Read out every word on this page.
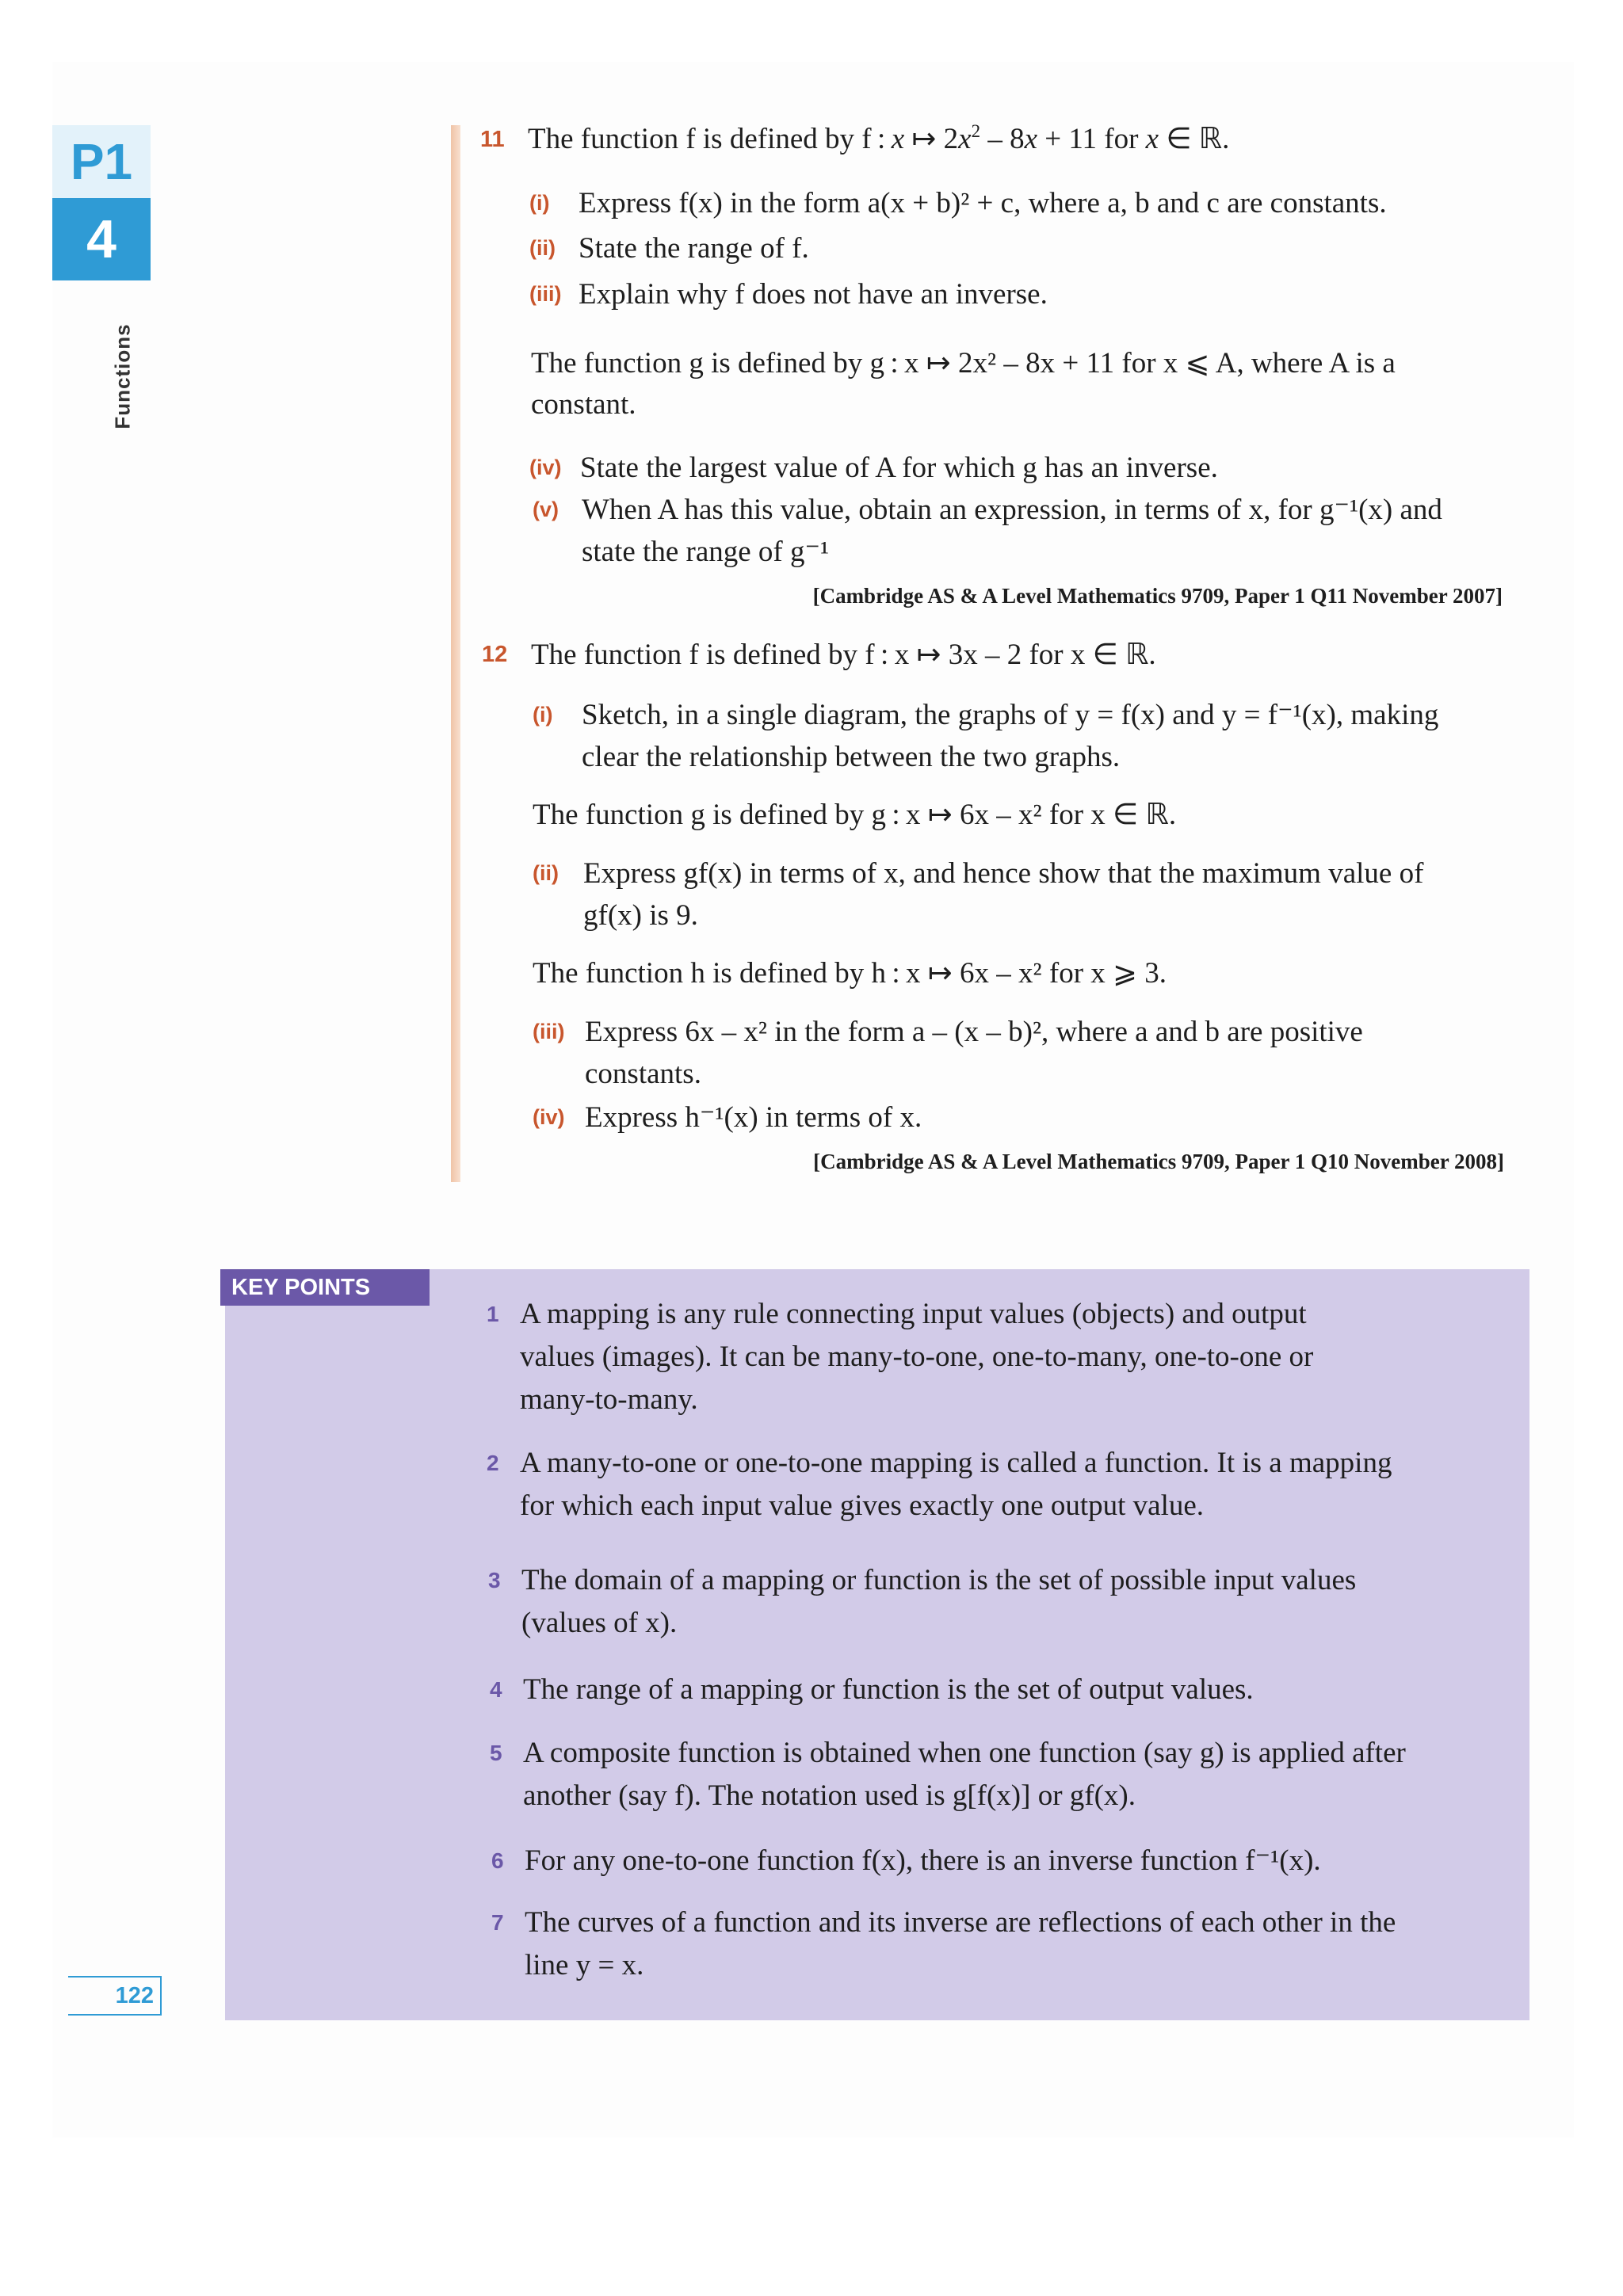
P1
4
Functions
11 The function f is defined by f : x ↦ $2x^2 - 8x + 11$ for x ∈ ℝ.
(i) Express f(x) in the form a(x + b)² + c, where a, b and c are constants.
(ii) State the range of f.
(iii) Explain why f does not have an inverse.
The function g is defined by g : x ↦ 2x² – 8x + 11 for x ⩽ A, where A is a
constant.
(iv) State the largest value of A for which g has an inverse.
(v) When A has this value, obtain an expression, in terms of x, for g⁻¹(x) and
state the range of g⁻¹
[Cambridge AS & A Level Mathematics 9709, Paper 1 Q11 November 2007]
12 The function f is defined by f : x ↦ 3x – 2 for x ∈ ℝ.
(i) Sketch, in a single diagram, the graphs of y = f(x) and y = f⁻¹(x), making
clear the relationship between the two graphs.
The function g is defined by g : x ↦ 6x – x² for x ∈ ℝ.
(ii) Express gf(x) in terms of x, and hence show that the maximum value of
gf(x) is 9.
The function h is defined by h : x ↦ 6x – x² for x ⩾ 3.
(iii) Express 6x – x² in the form a – (x – b)², where a and b are positive
constants.
(iv) Express h⁻¹(x) in terms of x.
[Cambridge AS & A Level Mathematics 9709, Paper 1 Q10 November 2008]
KEY POINTS
1 A mapping is any rule connecting input values (objects) and output
values (images). It can be many-to-one, one-to-many, one-to-one or
many-to-many.
2 A many-to-one or one-to-one mapping is called a function. It is a mapping
for which each input value gives exactly one output value.
3 The domain of a mapping or function is the set of possible input values
(values of x).
4 The range of a mapping or function is the set of output values.
5 A composite function is obtained when one function (say g) is applied after
another (say f). The notation used is g[f(x)] or gf(x).
6 For any one-to-one function f(x), there is an inverse function f⁻¹(x).
7 The curves of a function and its inverse are reflections of each other in the
line y = x.
122
